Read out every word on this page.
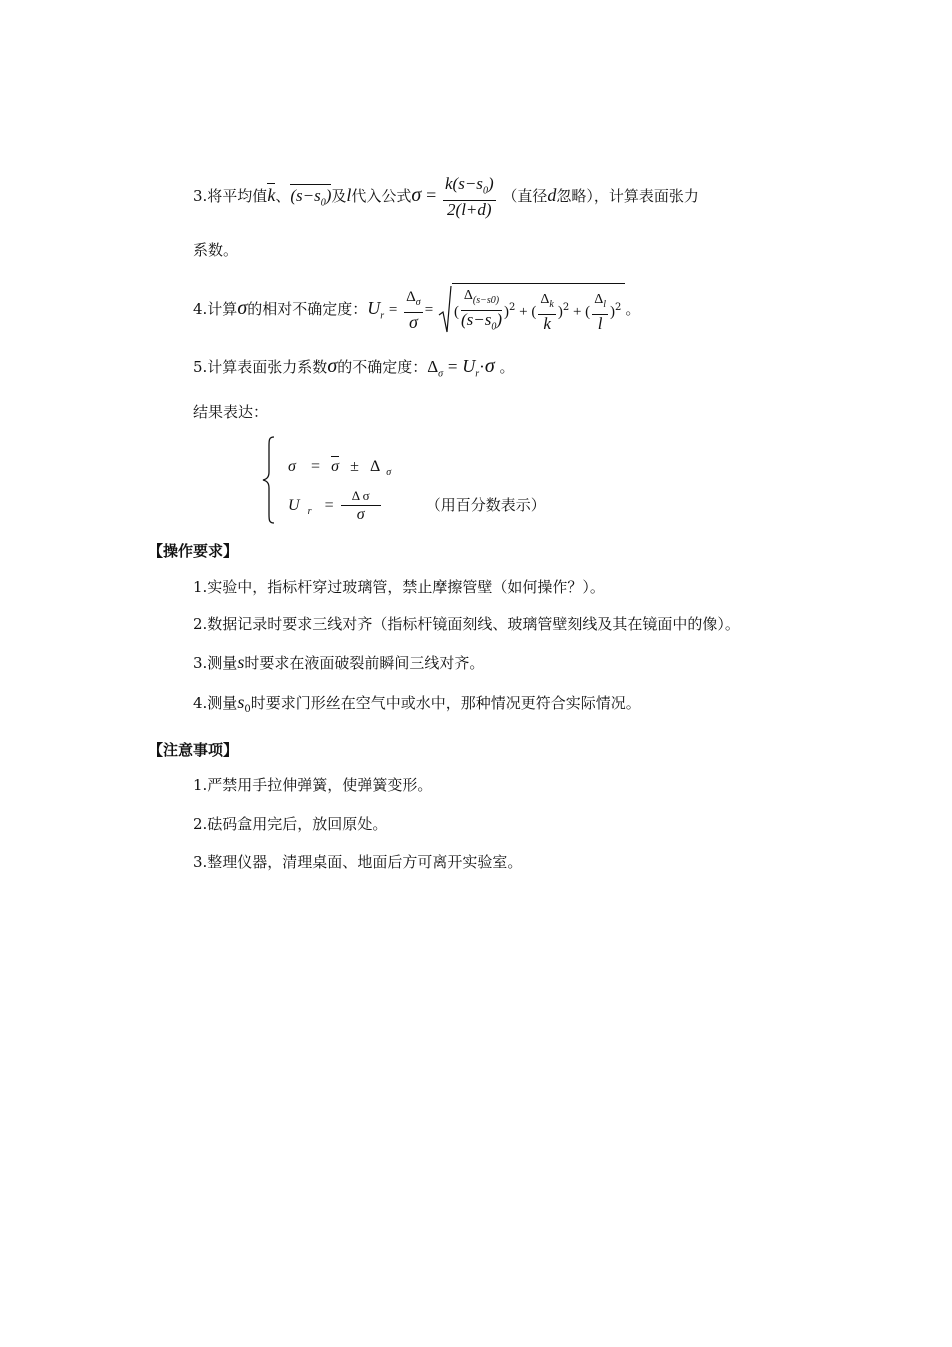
3.将平均值k、$(s-s_0)$及l代入公式$\sigma = \frac{k(s-s_0)}{2(l+d)}$ （直径d忽略），计算表面张力
系数。
4.计算σ的相对不确定度：$U_r = \frac{\Delta_\sigma}{\sigma}$ = ( $\frac{\Delta_{(s-s0)}}{(s-s_0)} )^2$ + ( $\frac{\Delta_k}{k} )^2$ + ( $\frac{\Delta_l}{l} )^2$ 。
5.计算表面张力系数σ的不确定度：$\Delta_\sigma = U_r\cdot\sigma$ 。
结果表达：
σ = σ ± Δ $_\sigma$
U $_r = \frac{\text{Δ σ}}{\sigma}$	（用百分数表示）
【操作要求】
1.实验中，指标杆穿过玻璃管，禁止摩擦管壁（如何操作？）。
2.数据记录时要求三线对齐（指标杆镜面刻线、玻璃管壁刻线及其在镜面中的像）。
3.测量s时要求在液面破裂前瞬间三线对齐。
4.测量$s_0$时要求门形丝在空气中或水中，那种情况更符合实际情况。
【注意事项】
1.严禁用手拉伸弹簧，使弹簧变形。
2.砝码盒用完后，放回原处。
3.整理仪器，清理桌面、地面后方可离开实验室。
